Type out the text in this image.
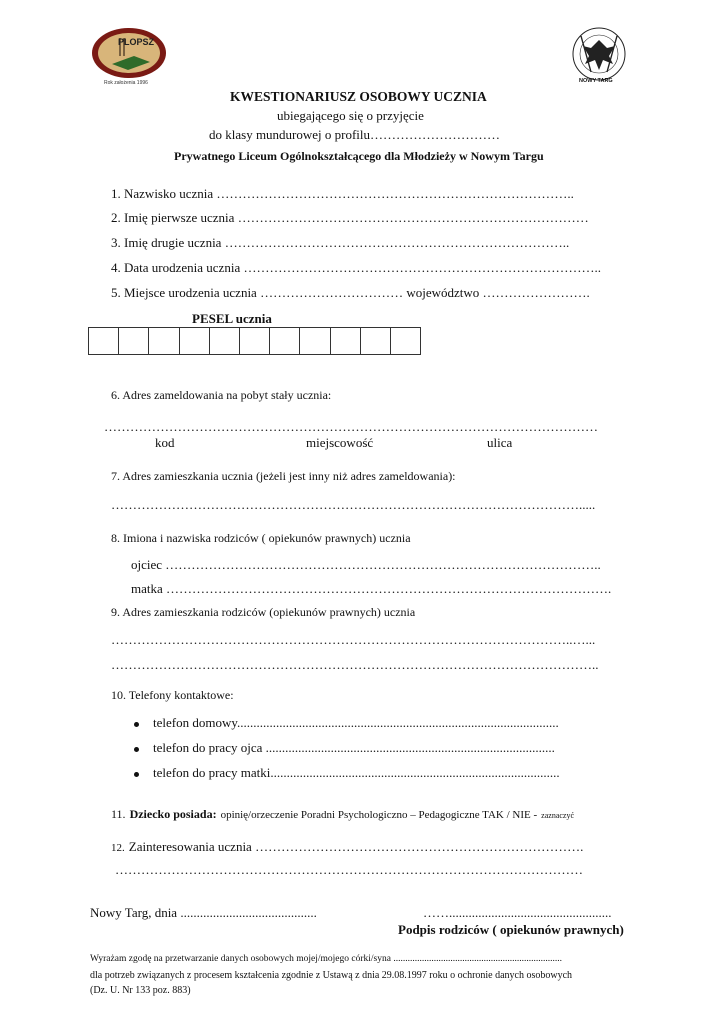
PLOPSZ
Rok założenia 1996	NOWY TARG
KWESTIONARIUSZ OSOBOWY UCZNIA
ubiegającego się o przyjęcie
do klasy mundurowej o profilu…………………………
Prywatnego Liceum Ogólnokształcącego dla Młodzieży w Nowym Targu
1. Nazwisko ucznia ………………………………………………………………………..
2. Imię pierwsze ucznia ………………………………………………………………………
3. Imię drugie ucznia ……………………………………………………………………..
4. Data urodzenia ucznia ………………………………………………………………………..
5. Miejsce urodzenia ucznia …………………………… województwo …………………….
PESEL ucznia
6. Adres zameldowania na pobyt stały ucznia:
……………………………………………………………………………………………………
kod	miejscowość	ulica
7. Adres zamieszkania ucznia (jeżeli jest inny niż adres zameldowania):
……………………………………………………………………………………………….....
8. Imiona i nazwiska rodziców ( opiekunów prawnych) ucznia
ojciec ………………………………………………………………………………………..
matka ………………………………………………………………………………………….
9. Adres zamieszkania rodziców (opiekunów prawnych) ucznia
……………………………………………………………………………………………..…...
…………………………………………………………………………………………………..
10. Telefony kontaktowe:
telefon domowy...................................................................................................
telefon do pracy ojca .........................................................................................
telefon do pracy matki.........................................................................................
11. Dziecko posiada: opinię/orzeczenie Poradni Psychologiczno – Pedagogiczne TAK / NIE - zaznaczyć
12. Zainteresowania ucznia ………………………………………………………………….
………………………………………………………………………………………………
Nowy Targ, dnia ..........................................	……..................................................
Podpis rodziców ( opiekunów prawnych)
Wyrażam zgodę na przetwarzanie danych osobowych mojej/mojego córki/syna .......................................................................
dla potrzeb związanych z procesem kształcenia zgodnie z Ustawą z dnia 29.08.1997 roku o ochronie danych osobowych
(Dz. U. Nr 133 poz. 883)
